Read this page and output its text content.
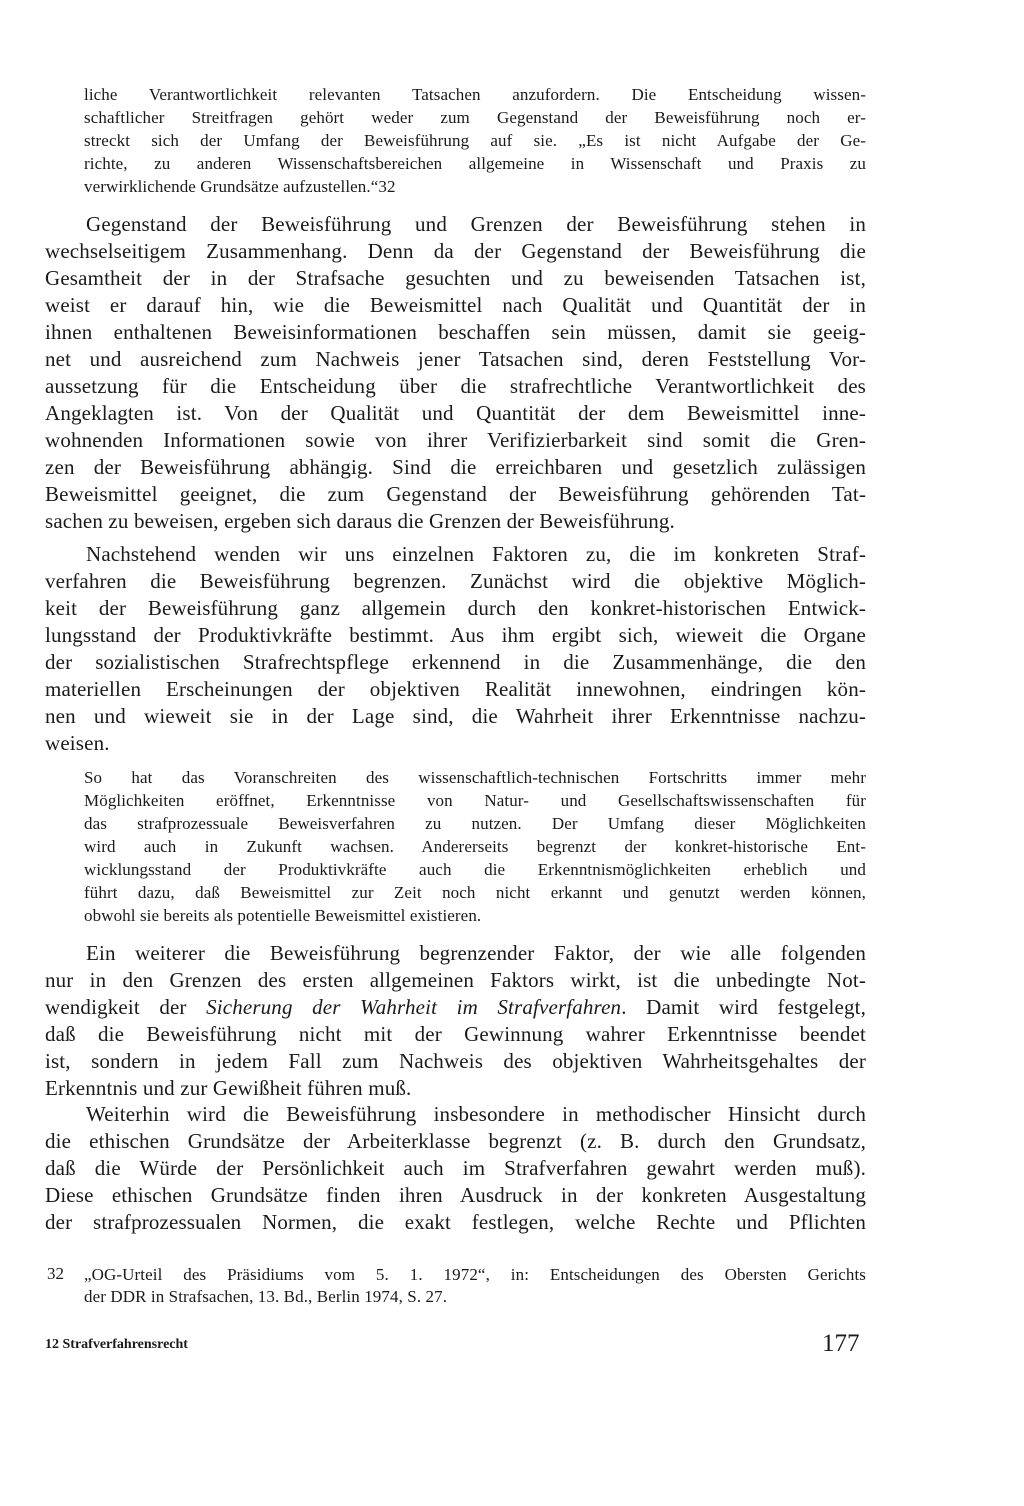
liche Verantwortlichkeit relevanten Tatsachen anzufordern. Die Entscheidung wissen-
schaftlicher Streitfragen gehört weder zum Gegenstand der Beweisführung noch er-
streckt sich der Umfang der Beweisführung auf sie. „Es ist nicht Aufgabe der Ge-
richte, zu anderen Wissenschaftsbereichen allgemeine in Wissenschaft und Praxis zu
verwirklichende Grundsätze aufzustellen.“32
Gegenstand der Beweisführung und Grenzen der Beweisführung stehen in
wechselseitigem Zusammenhang. Denn da der Gegenstand der Beweisführung die
Gesamtheit der in der Strafsache gesuchten und zu beweisenden Tatsachen ist,
weist er darauf hin, wie die Beweismittel nach Qualität und Quantität der in
ihnen enthaltenen Beweisinformationen beschaffen sein müssen, damit sie geeig-
net und ausreichend zum Nachweis jener Tatsachen sind, deren Feststellung Vor-
aussetzung für die Entscheidung über die strafrechtliche Verantwortlichkeit des
Angeklagten ist. Von der Qualität und Quantität der dem Beweismittel inne-
wohnenden Informationen sowie von ihrer Verifizierbarkeit sind somit die Gren-
zen der Beweisführung abhängig. Sind die erreichbaren und gesetzlich zulässigen
Beweismittel geeignet, die zum Gegenstand der Beweisführung gehörenden Tat-
sachen zu beweisen, ergeben sich daraus die Grenzen der Beweisführung.
Nachstehend wenden wir uns einzelnen Faktoren zu, die im konkreten Straf-
verfahren die Beweisführung begrenzen. Zunächst wird die objektive Möglich-
keit der Beweisführung ganz allgemein durch den konkret-historischen Entwick-
lungsstand der Produktivkräfte bestimmt. Aus ihm ergibt sich, wieweit die Organe
der sozialistischen Strafrechtspflege erkennend in die Zusammenhänge, die den
materiellen Erscheinungen der objektiven Realität innewohnen, eindringen kön-
nen und wieweit sie in der Lage sind, die Wahrheit ihrer Erkenntnisse nachzu-
weisen.
So hat das Voranschreiten des wissenschaftlich-technischen Fortschritts immer mehr
Möglichkeiten eröffnet, Erkenntnisse von Natur- und Gesellschaftswissenschaften für
das strafprozessuale Beweisverfahren zu nutzen. Der Umfang dieser Möglichkeiten
wird auch in Zukunft wachsen. Andererseits begrenzt der konkret-historische Ent-
wicklungsstand der Produktivkräfte auch die Erkenntnismöglichkeiten erheblich und
führt dazu, daß Beweismittel zur Zeit noch nicht erkannt und genutzt werden können,
obwohl sie bereits als potentielle Beweismittel existieren.
Ein weiterer die Beweisführung begrenzender Faktor, der wie alle folgenden
nur in den Grenzen des ersten allgemeinen Faktors wirkt, ist die unbedingte Not-
wendigkeit der Sicherung der Wahrheit im Strafverfahren. Damit wird festgelegt,
daß die Beweisführung nicht mit der Gewinnung wahrer Erkenntnisse beendet
ist, sondern in jedem Fall zum Nachweis des objektiven Wahrheitsgehaltes der
Erkenntnis und zur Gewißheit führen muß.
Weiterhin wird die Beweisführung insbesondere in methodischer Hinsicht durch
die ethischen Grundsätze der Arbeiterklasse begrenzt (z. B. durch den Grundsatz,
daß die Würde der Persönlichkeit auch im Strafverfahren gewahrt werden muß).
Diese ethischen Grundsätze finden ihren Ausdruck in der konkreten Ausgestaltung
der strafprozessualen Normen, die exakt festlegen, welche Rechte und Pflichten
32 „OG-Urteil des Präsidiums vom 5. 1. 1972“, in: Entscheidungen des Obersten Gerichts
der DDR in Strafsachen, 13. Bd., Berlin 1974, S. 27.
12 Strafverfahrensrecht	177
